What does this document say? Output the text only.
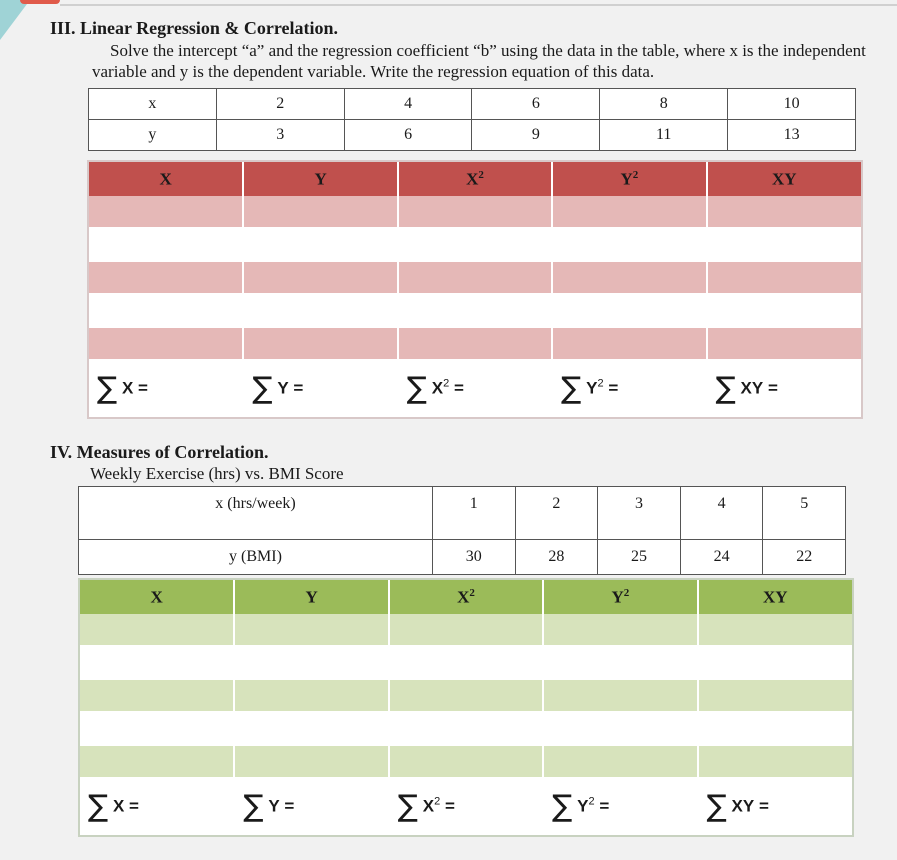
III. Linear Regression & Correlation.
Solve the intercept “a” and the regression coefficient “b” using the data in the table, where x is the independent variable and y is the dependent variable. Write the regression equation of this data.
x	2	4	6	8	10
y	3	6	9	11	13
X	Y	$X^2$	$Y^2$	XY

∑ X =	∑ Y =	∑ $X^2$ =	∑ $Y^2$ =	∑ XY =
IV. Measures of Correlation.
Weekly Exercise (hrs) vs. BMI Score
x (hrs/week)	1	2	3	4	5
y (BMI)	30	28	25	24	22
X	Y	$X^2$	$Y^2$	XY

∑ X =	∑ Y =	∑ $X^2$ =	∑ $Y^2$ =	∑ XY =
